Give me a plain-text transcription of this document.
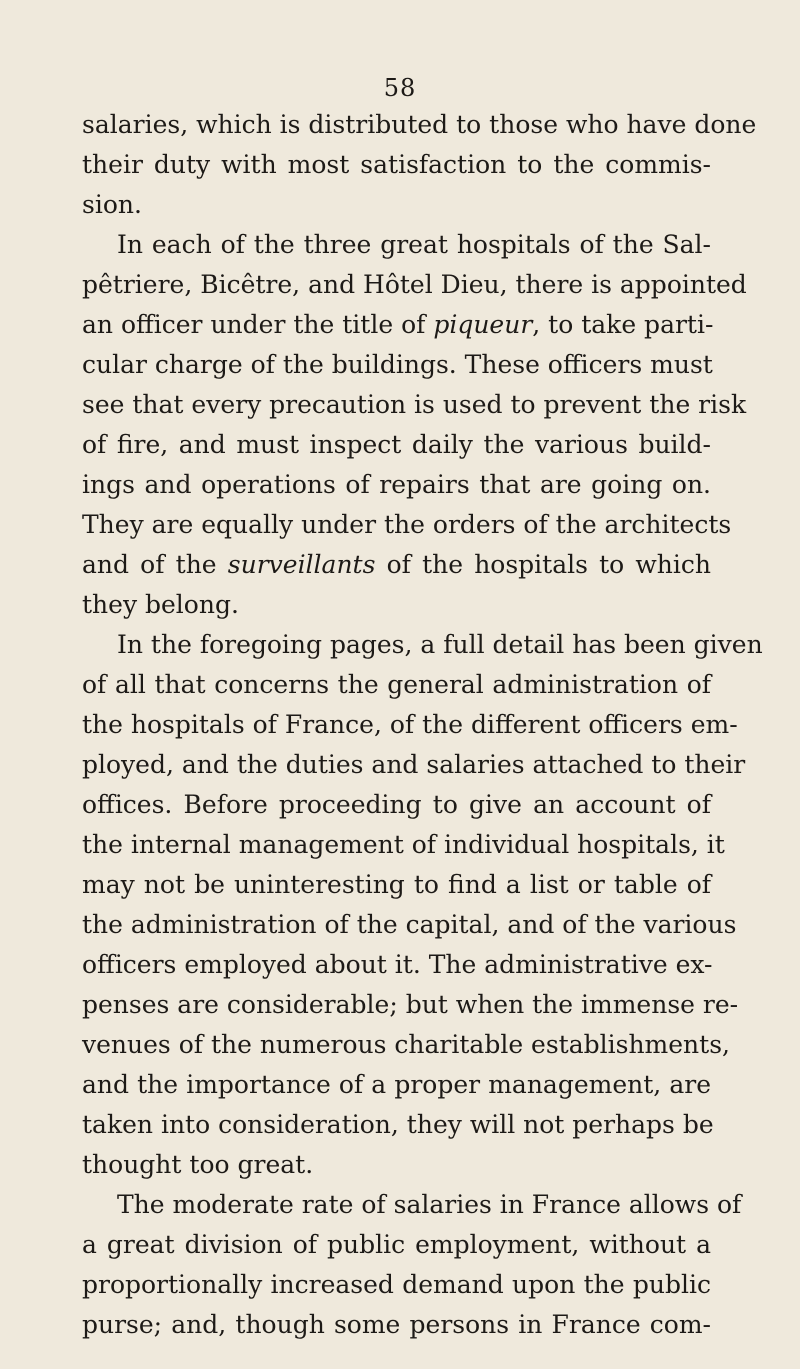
58
salaries, which is distributed to those who have done
their duty with most satisfaction to the commis-
sion.
In each of the three great hospitals of the Sal-
pêtriere, Bicêtre, and Hôtel Dieu, there is appointed
an officer under the title of piqueur, to take parti-
cular charge of the buildings. These officers must
see that every precaution is used to prevent the risk
of fire, and must inspect daily the various build-
ings and operations of repairs that are going on.
They are equally under the orders of the architects
and of the surveillants of the hospitals to which
they belong.
In the foregoing pages, a full detail has been given
of all that concerns the general administration of
the hospitals of France, of the different officers em-
ployed, and the duties and salaries attached to their
offices. Before proceeding to give an account of
the internal management of individual hospitals, it
may not be uninteresting to find a list or table of
the administration of the capital, and of the various
officers employed about it. The administrative ex-
penses are considerable; but when the immense re-
venues of the numerous charitable establishments,
and the importance of a proper management, are
taken into consideration, they will not perhaps be
thought too great.
The moderate rate of salaries in France allows of
a great division of public employment, without a
proportionally increased demand upon the public
purse; and, though some persons in France com-
